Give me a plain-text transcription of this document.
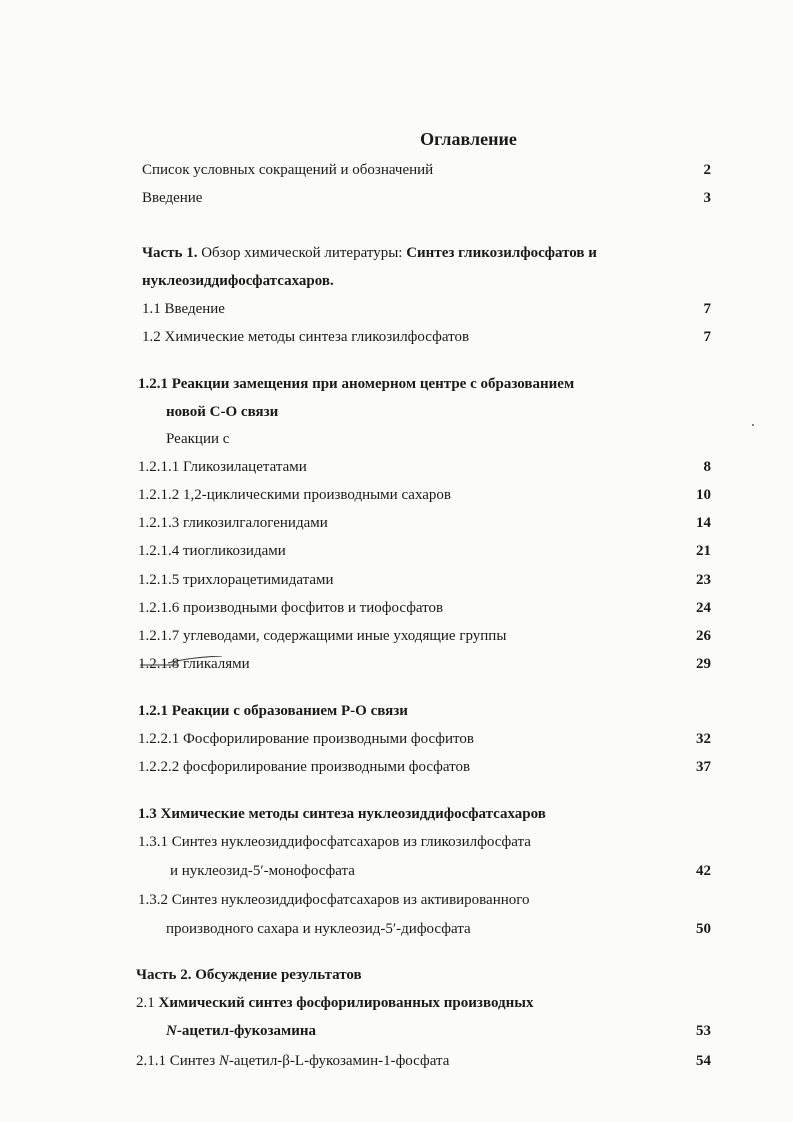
Оглавление
Список условных сокращений и обозначений	2
Введение	3
Часть 1. Обзор химической литературы: Синтез гликозилфосфатов и
нуклеозиддифосфатсахаров.
1.1 Введение	7
1.2 Химические методы синтеза гликозилфосфатов	7
1.2.1 Реакции замещения при аномерном центре с образованием
новой С-О связи
Реакции с
1.2.1.1 Гликозилацетатами	8
1.2.1.2 1,2-циклическими производными сахаров	10
1.2.1.3 гликозилгалогенидами	14
1.2.1.4 тиогликозидами	21
1.2.1.5 трихлорацетимидатами	23
1.2.1.6 производными фосфитов и тиофосфатов	24
1.2.1.7 углеводами, содержащими иные уходящие группы	26
1.2.1.8 гликалями	29
1.2.1 Реакции с образованием Р-О связи
1.2.2.1 Фосфорилирование производными фосфитов	32
1.2.2.2 фосфорилирование производными фосфатов	37
1.3 Химические методы синтеза нуклеозиддифосфатсахаров
1.3.1 Синтез нуклеозиддифосфатсахаров из гликозилфосфата
и нуклеозид-5′-монофосфата	42
1.3.2 Синтез нуклеозиддифосфатсахаров из активированного
производного сахара и нуклеозид-5′-дифосфата	50
Часть 2. Обсуждение результатов
2.1 Химический синтез фосфорилированных производных
N-ацетил-фукозамина	53
2.1.1 Синтез N-ацетил-β-L-фукозамин-1-фосфата	54
